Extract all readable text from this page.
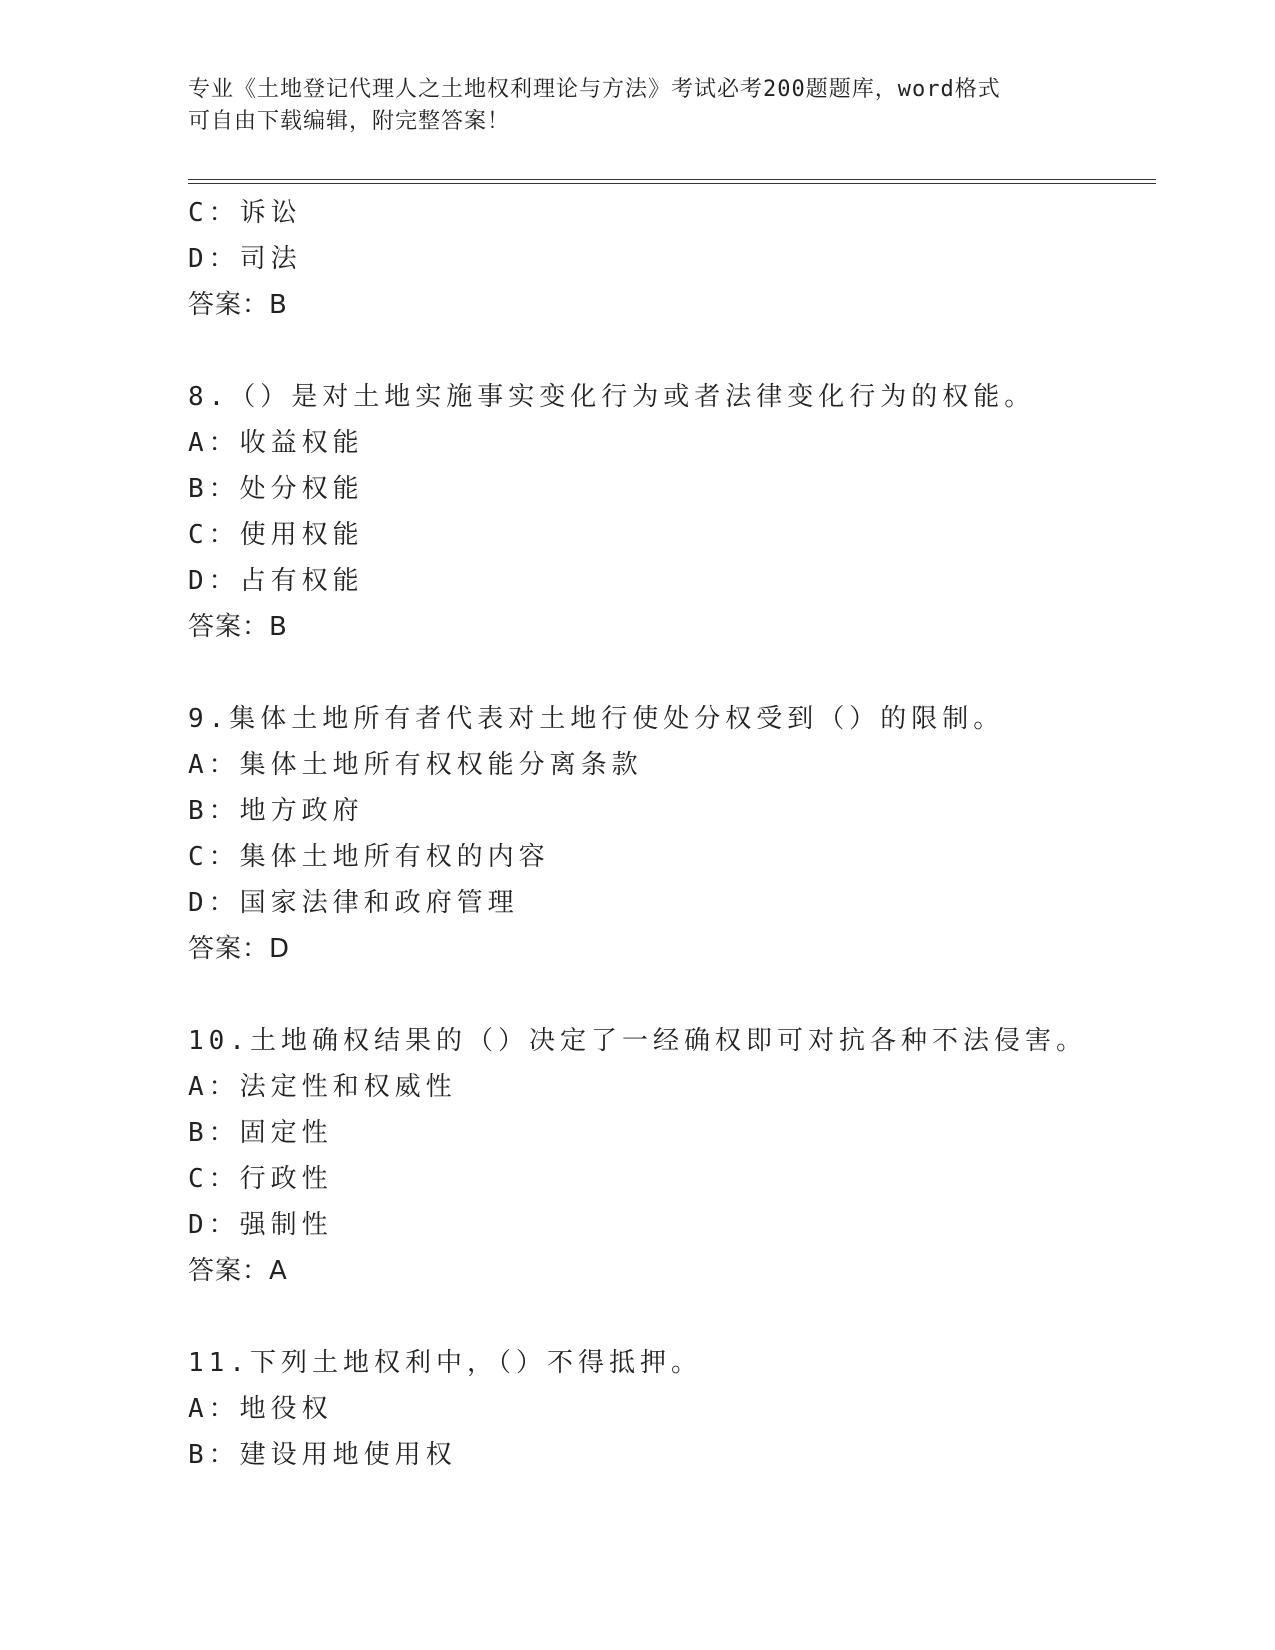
专业《土地登记代理人之土地权利理论与方法》考试必考200题题库，word格式
可自由下载编辑，附完整答案！
C：诉讼
D：司法
答案：B
8.（）是对土地实施事实变化行为或者法律变化行为的权能。
A：收益权能
B：处分权能
C：使用权能
D：占有权能
答案：B
9.集体土地所有者代表对土地行使处分权受到（）的限制。
A：集体土地所有权权能分离条款
B：地方政府
C：集体土地所有权的内容
D：国家法律和政府管理
答案：D
10.土地确权结果的（）决定了一经确权即可对抗各种不法侵害。
A：法定性和权威性
B：固定性
C：行政性
D：强制性
答案：A
11.下列土地权利中，（）不得抵押。
A：地役权
B：建设用地使用权
